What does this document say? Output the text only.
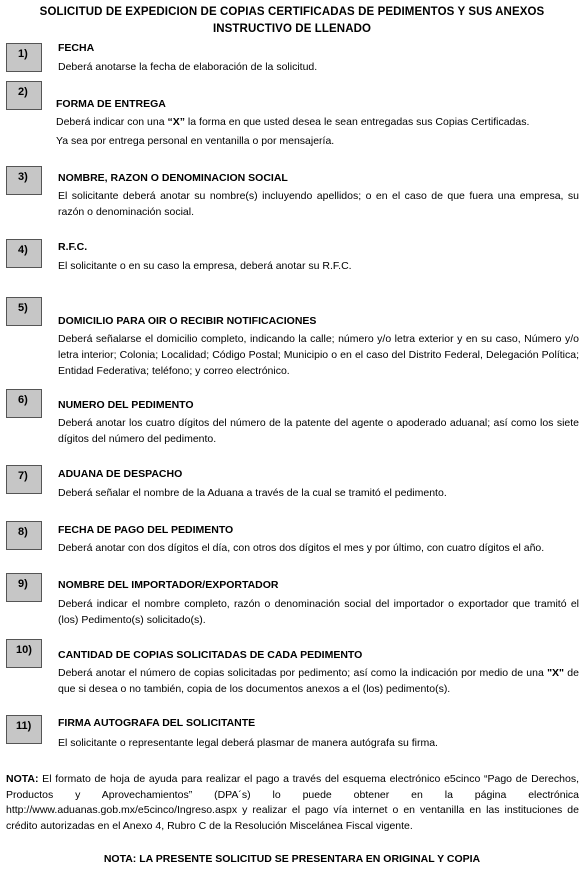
SOLICITUD DE EXPEDICION DE COPIAS CERTIFICADAS DE PEDIMENTOS Y SUS ANEXOS
INSTRUCTIVO DE LLENADO
1)	FECHA
Deberá anotarse la fecha de elaboración de la solicitud.
2)
FORMA DE ENTREGA
Deberá indicar con una “X” la forma en que usted desea le sean entregadas sus Copias Certificadas.
Ya sea por entrega personal en ventanilla o por mensajería.
3)	NOMBRE, RAZON O DENOMINACION SOCIAL
El solicitante deberá anotar su nombre(s) incluyendo apellidos; o en el caso de que fuera una empresa, su razón o denominación social.
4)	R.F.C.
El solicitante o en su caso la empresa, deberá anotar su R.F.C.
5)
DOMICILIO PARA OIR O RECIBIR NOTIFICACIONES
Deberá señalarse el domicilio completo, indicando la calle; número y/o letra exterior y en su caso, Número y/o letra interior; Colonia; Localidad; Código Postal; Municipio o en el caso del Distrito Federal, Delegación Política; Entidad Federativa; teléfono; y correo electrónico.
6)	NUMERO DEL PEDIMENTO
Deberá anotar los cuatro dígitos del número de la patente del agente o apoderado aduanal; así como los siete dígitos del número del pedimento.
7)	ADUANA DE DESPACHO
Deberá señalar el nombre de la Aduana a través de la cual se tramitó el pedimento.
8)	FECHA DE PAGO DEL PEDIMENTO
Deberá anotar con dos dígitos el día, con otros dos dígitos el mes y por último, con cuatro dígitos el año.
9)	NOMBRE DEL IMPORTADOR/EXPORTADOR
Deberá indicar el nombre completo, razón o denominación social del importador o exportador que tramitó el (los) Pedimento(s) solicitado(s).
10)	CANTIDAD DE COPIAS SOLICITADAS DE CADA PEDIMENTO
Deberá anotar el número de copias solicitadas por pedimento; así como la indicación por medio de una "X" de que si desea o no también, copia de los documentos anexos a el (los) pedimento(s).
11)	FIRMA AUTOGRAFA DEL SOLICITANTE
El solicitante o representante legal deberá plasmar de manera autógrafa su firma.
NOTA: El formato de hoja de ayuda para realizar el pago a través del esquema electrónico e5cinco “Pago de Derechos, Productos y Aprovechamientos” (DPA´s) lo puede obtener en la página electrónica http://www.aduanas.gob.mx/e5cinco/Ingreso.aspx y realizar el pago vía internet o en ventanilla en las instituciones de crédito autorizadas en el Anexo 4, Rubro C de la Resolución Miscelánea Fiscal vigente.
NOTA: LA PRESENTE SOLICITUD SE PRESENTARA EN ORIGINAL Y COPIA
